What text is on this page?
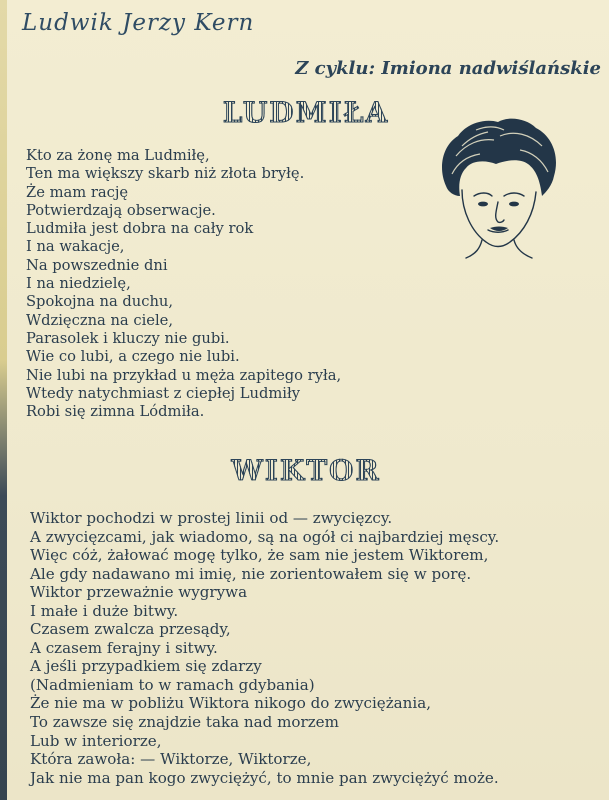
Ludwik Jerzy Kern
Z cyklu: Imiona nadwiślańskie
LUDMIŁA
Kto za żonę ma Ludmiłę,
Ten ma większy skarb niż złota bryłę.
Że mam rację
Potwierdzają obserwacje.
Ludmiła jest dobra na cały rok
I na wakacje,
Na powszednie dni
I na niedzielę,
Spokojna na duchu,
Wdzięczna na ciele,
Parasolek i kluczy nie gubi.
Wie co lubi, a czego nie lubi.
Nie lubi na przykład u męża zapitego ryła,
Wtedy natychmiast z ciepłej Ludmiły
Robi się zimna Lódmiła.
WIKTOR
Wiktor pochodzi w prostej linii od — zwycięzcy.
A zwycięzcami, jak wiadomo, są na ogół ci najbardziej męscy.
Więc cóż, żałować mogę tylko, że sam nie jestem Wiktorem,
Ale gdy nadawano mi imię, nie zorientowałem się w porę.
Wiktor przeważnie wygrywa
I małe i duże bitwy.
Czasem zwalcza przesądy,
A czasem ferajny i sitwy.
A jeśli przypadkiem się zdarzy
(Nadmieniam to w ramach gdybania)
Że nie ma w pobliżu Wiktora nikogo do zwyciężania,
To zawsze się znajdzie taka nad morzem
Lub w interiorze,
Która zawoła: — Wiktorze, Wiktorze,
Jak nie ma pan kogo zwyciężyć, to mnie pan zwyciężyć może.
